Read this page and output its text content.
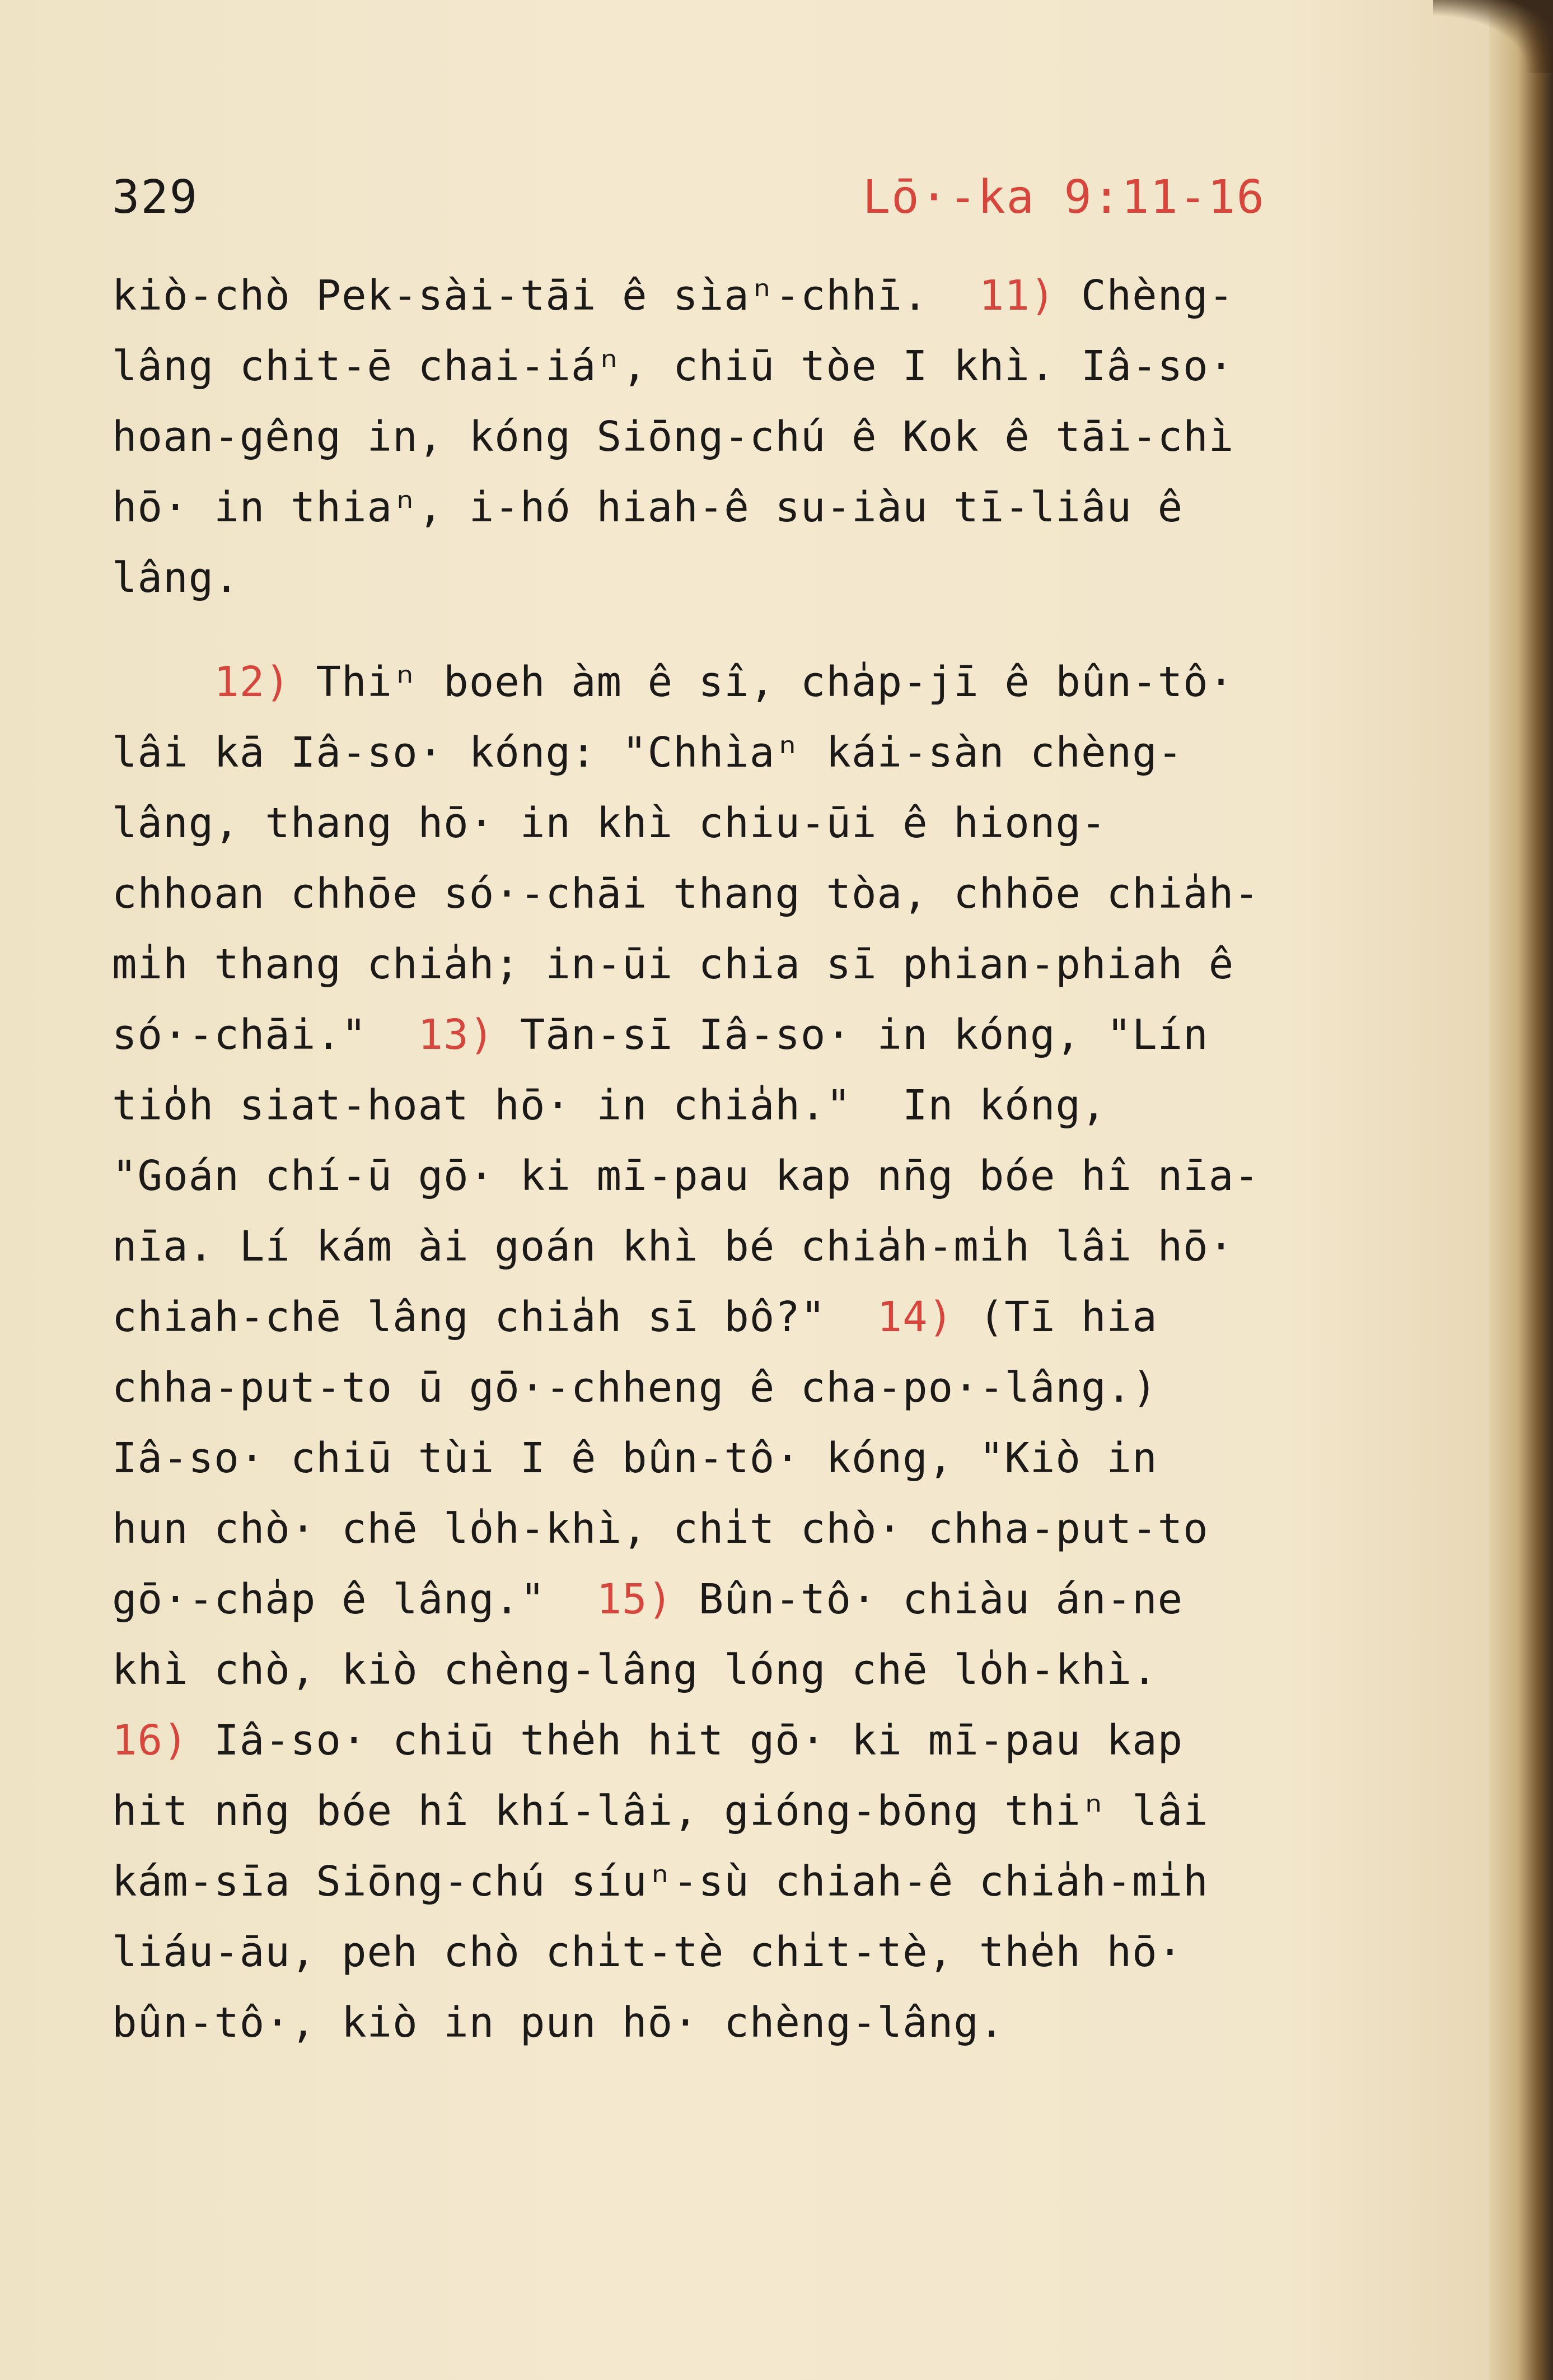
329	Lō·-ka 9:11-16
kiò-chò Pek-sài-tāi ê sìaⁿ-chhī.  11) Chèng-
lâng chit-ē chai-iáⁿ, chiū tòe I khì. Iâ-so·
hoan-gêng in, kóng Siōng-chú ê Kok ê tāi-chì
hō· in thiaⁿ, i-hó hiah-ê su-iàu tī-liâu ê
lâng.
12) Thiⁿ boeh àm ê sî, cha̍p-jī ê bûn-tô·
lâi kā Iâ-so· kóng: "Chhìaⁿ kái-sàn chèng-
lâng, thang hō· in khì chiu-ūi ê hiong-
chhoan chhōe só·-chāi thang tòa, chhōe chia̍h-
mi̍h thang chia̍h; in-ūi chia sī phian-phiah ê
só·-chāi."  13) Tān-sī Iâ-so· in kóng, "Lín
tio̍h siat-hoat hō· in chia̍h."  In kóng,
"Goán chí-ū gō· ki mī-pau kap nn̄g bóe hî nīa-
nīa. Lí kám ài goán khì bé chia̍h-mi̍h lâi hō·
chiah-chē lâng chia̍h sī bô?"  14) (Tī hia
chha-put-to ū gō·-chheng ê cha-po·-lâng.)
Iâ-so· chiū tùi I ê bûn-tô· kóng, "Kiò in
hun chò· chē lo̍h-khì, chi̍t chò· chha-put-to
gō·-cha̍p ê lâng."  15) Bûn-tô· chiàu án-ne
khì chò, kiò chèng-lâng lóng chē lo̍h-khì.
16) Iâ-so· chiū the̍h hit gō· ki mī-pau kap
hit nn̄g bóe hî khí-lâi, gióng-bōng thiⁿ lâi
kám-sīa Siōng-chú síuⁿ-sù chiah-ê chia̍h-mi̍h
liáu-āu, peh chò chi̍t-tè chi̍t-tè, the̍h hō·
bûn-tô·, kiò in pun hō· chèng-lâng.
